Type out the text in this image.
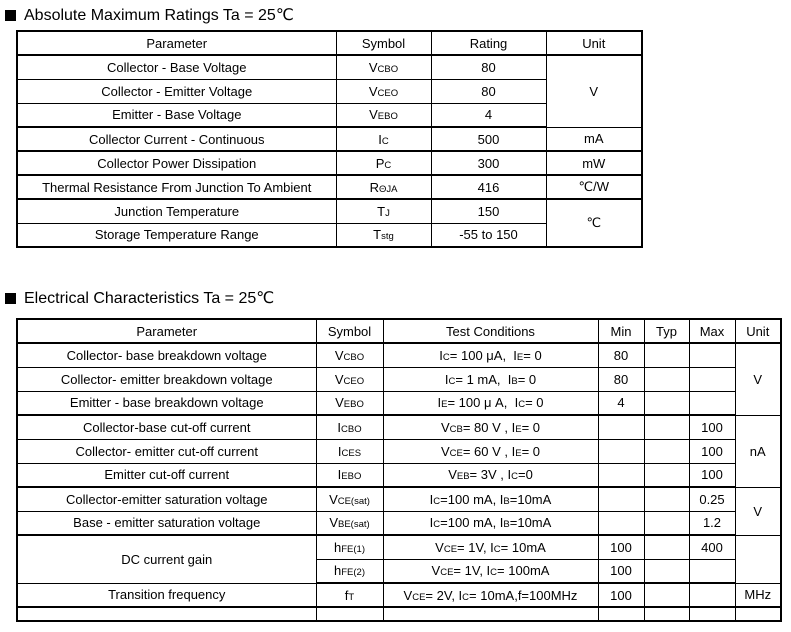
Absolute Maximum Ratings Ta = 25℃
Parameter	Symbol	Rating	Unit
Collector - Base Voltage	VCBO	80	V
Collector - Emitter Voltage	VCEO	80	
Emitter - Base Voltage	VEBO	4	
Collector Current - Continuous	IC	500	mA
Collector Power Dissipation	PC	300	mW
Thermal Resistance From Junction To Ambient	RΘJA	416	℃/W
Junction Temperature	TJ	150	℃
Storage Temperature Range	Tstg	-55 to 150	
Electrical Characteristics Ta = 25℃
Parameter	Symbol	Test Conditions	Min	Typ	Max	Unit
Collector- base breakdown voltage	VCBO	IC= 100 μA,  IE= 0	80			V
Collector- emitter breakdown voltage	VCEO	IC= 1 mA,  IB= 0	80			
Emitter - base breakdown voltage	VEBO	IE= 100 μ A,  IC= 0	4			
Collector-base cut-off current	ICBO	VCB= 80 V , IE= 0			100	nA
Collector- emitter cut-off current	ICES	VCE= 60 V , IE= 0			100	
Emitter cut-off current	IEBO	VEB= 3V , IC=0			100	
Collector-emitter saturation voltage	VCE(sat)	IC=100 mA, IB=10mA			0.25	V
Base - emitter saturation voltage	VBE(sat)	IC=100 mA, IB=10mA			1.2	
DC current gain	hFE(1)	VCE= 1V, IC= 10mA	100		400	
	hFE(2)	VCE= 1V, IC= 100mA	100			
Transition frequency	fT	VCE= 2V, IC= 10mA,f=100MHz	100			MHz
